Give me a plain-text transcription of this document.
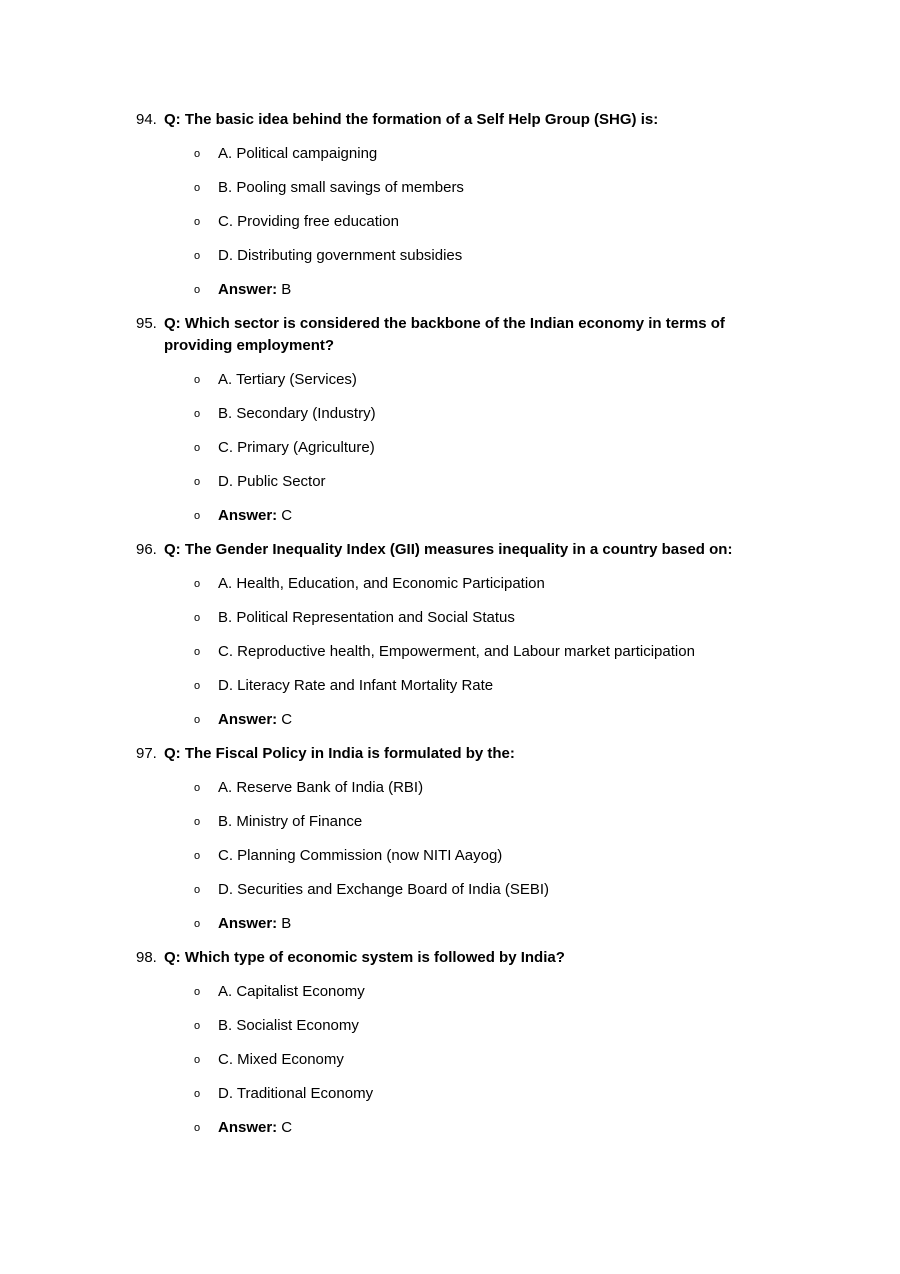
94. Q: The basic idea behind the formation of a Self Help Group (SHG) is:
o A. Political campaigning
o B. Pooling small savings of members
o C. Providing free education
o D. Distributing government subsidies
o Answer: B
95. Q: Which sector is considered the backbone of the Indian economy in terms of providing employment?
o A. Tertiary (Services)
o B. Secondary (Industry)
o C. Primary (Agriculture)
o D. Public Sector
o Answer: C
96. Q: The Gender Inequality Index (GII) measures inequality in a country based on:
o A. Health, Education, and Economic Participation
o B. Political Representation and Social Status
o C. Reproductive health, Empowerment, and Labour market participation
o D. Literacy Rate and Infant Mortality Rate
o Answer: C
97. Q: The Fiscal Policy in India is formulated by the:
o A. Reserve Bank of India (RBI)
o B. Ministry of Finance
o C. Planning Commission (now NITI Aayog)
o D. Securities and Exchange Board of India (SEBI)
o Answer: B
98. Q: Which type of economic system is followed by India?
o A. Capitalist Economy
o B. Socialist Economy
o C. Mixed Economy
o D. Traditional Economy
o Answer: C
